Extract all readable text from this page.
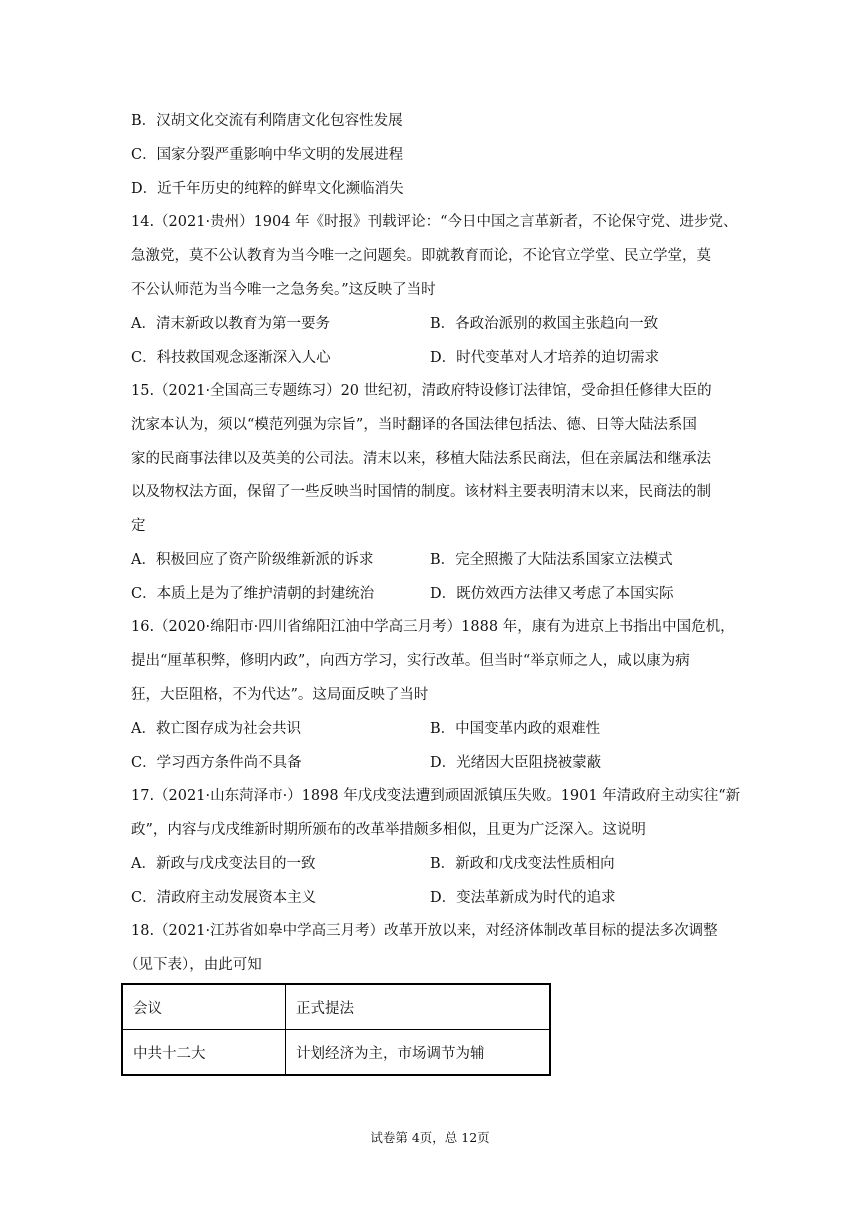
B．汉胡文化交流有利隋唐文化包容性发展
C．国家分裂严重影响中华文明的发展进程
D．近千年历史的纯粹的鲜卑文化濒临消失
14.（2021·贵州）1904 年《时报》刊载评论：“今日中国之言革新者，不论保守党、进步党、
急激党，莫不公认教育为当今唯一之问题矣。即就教育而论，不论官立学堂、民立学堂，莫
不公认师范为当今唯一之急务矣。”这反映了当时
A．清末新政以教育为第一要务	B．各政治派别的救国主张趋向一致
C．科技救国观念逐渐深入人心	D．时代变革对人才培养的迫切需求
15.（2021·全国高三专题练习）20 世纪初，清政府特设修订法律馆，受命担任修律大臣的
沈家本认为，须以“模范列强为宗旨”，当时翻译的各国法律包括法、德、日等大陆法系国
家的民商事法律以及英美的公司法。清末以来，移植大陆法系民商法，但在亲属法和继承法
以及物权法方面，保留了一些反映当时国情的制度。该材料主要表明清末以来，民商法的制
定
A．积极回应了资产阶级维新派的诉求	B．完全照搬了大陆法系国家立法模式
C．本质上是为了维护清朝的封建统治	D．既仿效西方法律又考虑了本国实际
16.（2020·绵阳市·四川省绵阳江油中学高三月考）1888 年，康有为进京上书指出中国危机，
提出“厘革积弊，修明内政”，向西方学习，实行改革。但当时“举京师之人，咸以康为病
狂，大臣阻格，不为代达”。这局面反映了当时
A．救亡图存成为社会共识	B．中国变革内政的艰难性
C．学习西方条件尚不具备	D．光绪因大臣阻挠被蒙蔽
17.（2021·山东菏泽市·）1898 年戊戌变法遭到顽固派镇压失败。1901 年清政府主动实往“新
政”，内容与戊戌维新时期所颁布的改革举措颇多相似，且更为广泛深入。这说明
A．新政与戊戌变法目的一致	B．新政和戊戌变法性质相向
C．清政府主动发展资本主义	D．变法革新成为时代的追求
18.（2021·江苏省如皋中学高三月考）改革开放以来，对经济体制改革目标的提法多次调整
（见下表），由此可知
会议	正式提法
中共十二大	计划经济为主，市场调节为辅
试卷第 4页，总 12页
